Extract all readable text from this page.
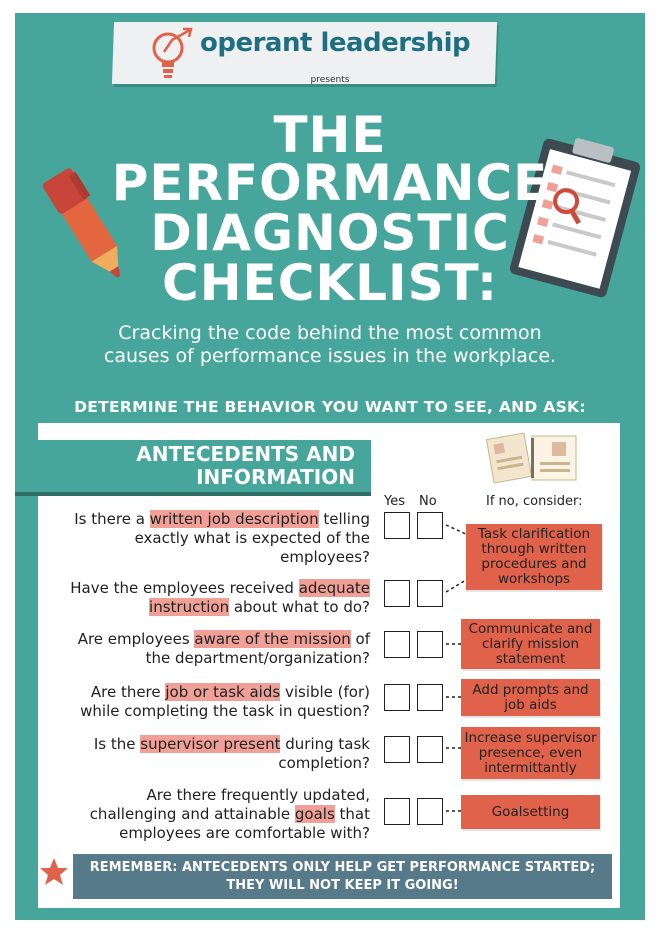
operant leadership
presents
THE
PERFORMANCE
DIAGNOSTIC
CHECKLIST:
Cracking the code behind the most common
causes of performance issues in the workplace.
DETERMINE THE BEHAVIOR YOU WANT TO SEE, AND ASK:
ANTECEDENTS AND
INFORMATION
Yes No	If no, consider:
Is there a written job description telling
exactly what is expected of the
employees?
Have the employees received adequate
instruction about what to do?
Are employees aware of the mission of
the department/organization?
Are there job or task aids visible (for)
while completing the task in question?
Is the supervisor present during task
completion?
Are there frequently updated,
challenging and attainable goals that
employees are comfortable with?
Task clarification
through written
procedures and
workshops
Communicate and
clarify mission
statement
Add prompts and
job aids
Increase supervisor
presence, even
intermittantly
Goalsetting
REMEMBER: ANTECEDENTS ONLY HELP GET PERFORMANCE STARTED;
THEY WILL NOT KEEP IT GOING!
